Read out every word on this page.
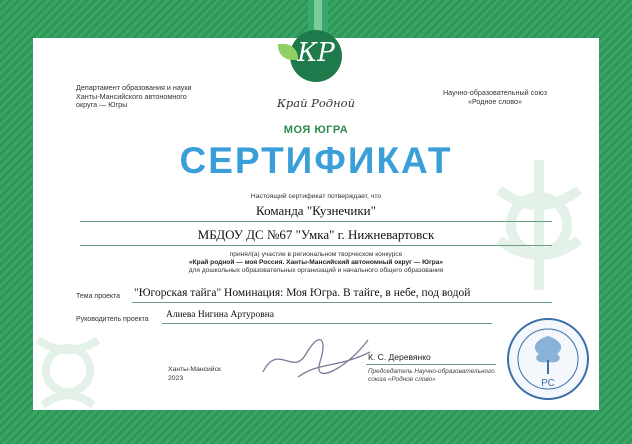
КР
Край Родной
Департамент образования и науки
Ханты-Мансийского автономного
округа — Югры
Научно-образовательный союз
«Родное слово»
МОЯ ЮГРА
СЕРТИФИКАТ
Настоящий сертификат потверждает, что
Команда "Кузнечики"
МБДОУ ДС №67 "Умка" г. Нижневартовск
принял(а) участие в региональном творческом конкурсе
«Край родной — моя Россия. Ханты-Мансийский автономный округ — Югра»
для дошкольных образовательных организаций и начального общего образования
Тема проекта "Югорская тайга" Номинация: Моя Югра. В тайге, в небе, под водой
Руководитель проекта Алиева Нигина Артуровна
Ханты-Мансийск
2023
К. С. Деревянко
Председатель Научно-образовательного
союза «Родное слово»	РС
